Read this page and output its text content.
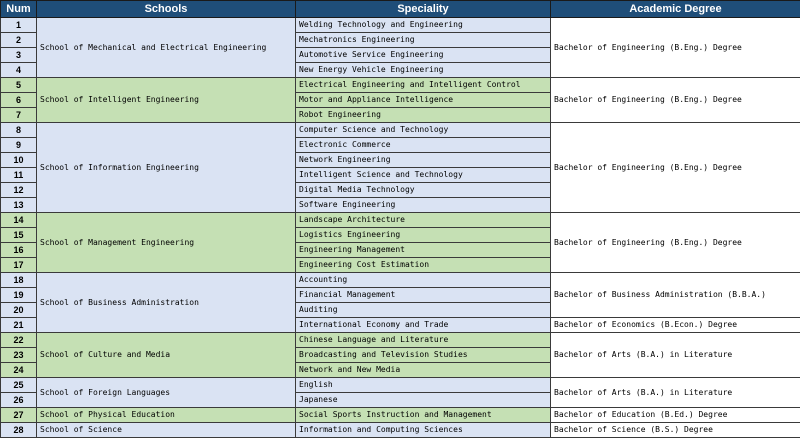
Num	Schools	Speciality	Academic Degree
1	School of Mechanical and Electrical Engineering	Welding Technology and Engineering	Bachelor of Engineering (B.Eng.) Degree
2		Mechatronics Engineering	
3		Automotive Service Engineering	
4		New Energy Vehicle Engineering	
5	School of Intelligent Engineering	Electrical Engineering and Intelligent Control	Bachelor of Engineering (B.Eng.) Degree
6		Motor and Appliance Intelligence	
7		Robot Engineering	
8	School of Information Engineering	Computer Science and Technology	Bachelor of Engineering (B.Eng.) Degree
9		Electronic Commerce	
10		Network Engineering	
11		Intelligent Science and Technology	
12		Digital Media Technology	
13		Software Engineering	
14	School of Management Engineering	Landscape Architecture	Bachelor of Engineering (B.Eng.) Degree
15		Logistics Engineering	
16		Engineering Management	
17		Engineering Cost Estimation	
18	School of Business Administration	Accounting	Bachelor of Business Administration (B.B.A.)
19		Financial Management	
20		Auditing	
21		International Economy and Trade	Bachelor of Economics (B.Econ.) Degree
22	School of Culture and Media	Chinese Language and Literature	Bachelor of Arts (B.A.) in Literature
23		Broadcasting and Television Studies	
24		Network and New Media	
25	School of Foreign Languages	English	Bachelor of Arts (B.A.) in Literature
26		Japanese	
27	School of Physical Education	Social Sports Instruction and Management	Bachelor of Education (B.Ed.) Degree
28	School of Science	Information and Computing Sciences	Bachelor of Science (B.S.) Degree
